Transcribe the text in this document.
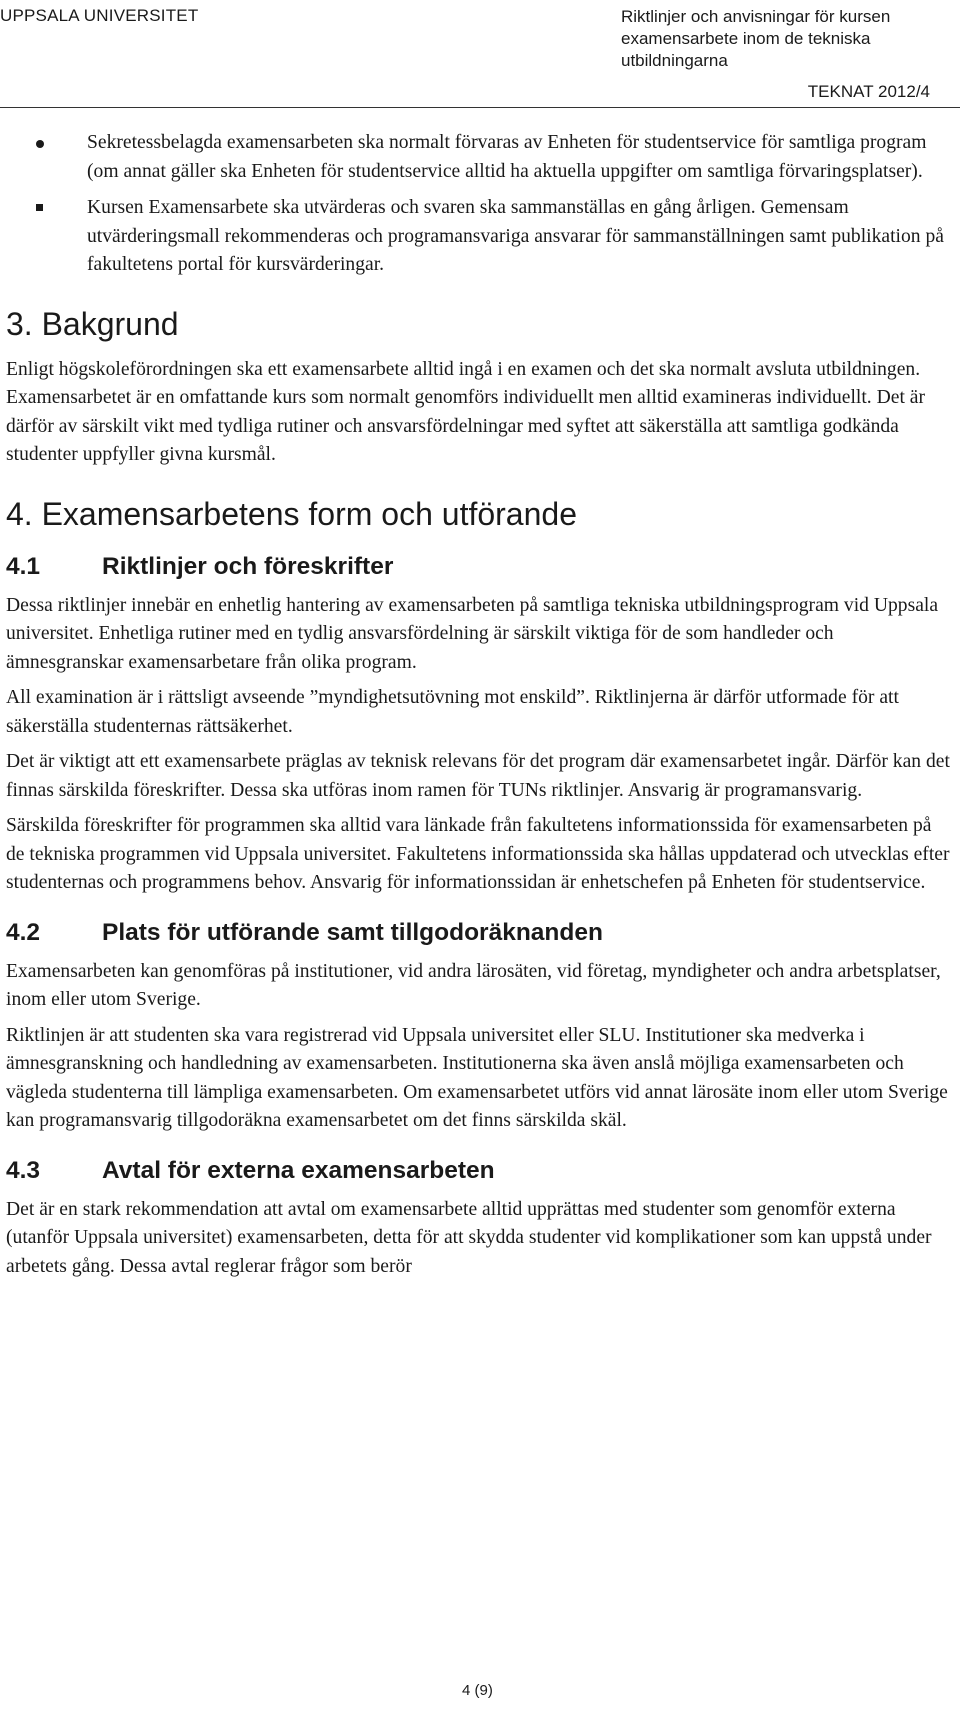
UPPSALA UNIVERSITET	Riktlinjer och anvisningar för kursen examensarbete inom de tekniska utbildningarna
TEKNAT 2012/4
Sekretessbelagda examensarbeten ska normalt förvaras av Enheten för studentservice för samtliga program (om annat gäller ska Enheten för studentservice alltid ha aktuella uppgifter om samtliga förvaringsplatser).
Kursen Examensarbete ska utvärderas och svaren ska sammanställas en gång årligen. Gemensam utvärderingsmall rekommenderas och programansvariga ansvarar för sammanställningen samt publikation på fakultetens portal för kursvärderingar.
3. Bakgrund

Enligt högskoleförordningen ska ett examensarbete alltid ingå i en examen och det ska normalt avsluta utbildningen. Examensarbetet är en omfattande kurs som normalt genomförs individuellt men alltid examineras individuellt. Det är därför av särskilt vikt med tydliga rutiner och ansvarsfördelningar med syftet att säkerställa att samtliga godkända studenter uppfyller givna kursmål.

4. Examensarbetens form och utförande
4.1	Riktlinjer och föreskrifter

Dessa riktlinjer innebär en enhetlig hantering av examensarbeten på samtliga tekniska utbildningsprogram vid Uppsala universitet. Enhetliga rutiner med en tydlig ansvarsfördelning är särskilt viktiga för de som handleder och ämnesgranskar examensarbetare från olika program.

All examination är i rättsligt avseende ”myndighetsutövning mot enskild”. Riktlinjerna är därför utformade för att säkerställa studenternas rättsäkerhet.

Det är viktigt att ett examensarbete präglas av teknisk relevans för det program där examensarbetet ingår. Därför kan det finnas särskilda föreskrifter. Dessa ska utföras inom ramen för TUNs riktlinjer. Ansvarig är programansvarig.

Särskilda föreskrifter för programmen ska alltid vara länkade från fakultetens informationssida för examensarbeten på de tekniska programmen vid Uppsala universitet. Fakultetens informationssida ska hållas uppdaterad och utvecklas efter studenternas och programmens behov. Ansvarig för informationssidan är enhetschefen på Enheten för studentservice.

4.2	Plats för utförande samt tillgodoräknanden

Examensarbeten kan genomföras på institutioner, vid andra lärosäten, vid företag, myndigheter och andra arbetsplatser, inom eller utom Sverige.

Riktlinjen är att studenten ska vara registrerad vid Uppsala universitet eller SLU. Institutioner ska medverka i ämnesgranskning och handledning av examensarbeten. Institutionerna ska även anslå möjliga examensarbeten och vägleda studenterna till lämpliga examensarbeten. Om examensarbetet utförs vid annat lärosäte inom eller utom Sverige kan programansvarig tillgodoräkna examensarbetet om det finns särskilda skäl.

4.3	Avtal för externa examensarbeten

Det är en stark rekommendation att avtal om examensarbete alltid upprättas med studenter som genomför externa (utanför Uppsala universitet) examensarbeten, detta för att skydda studenter vid komplikationer som kan uppstå under arbetets gång. Dessa avtal reglerar frågor som berör

4 (9)
